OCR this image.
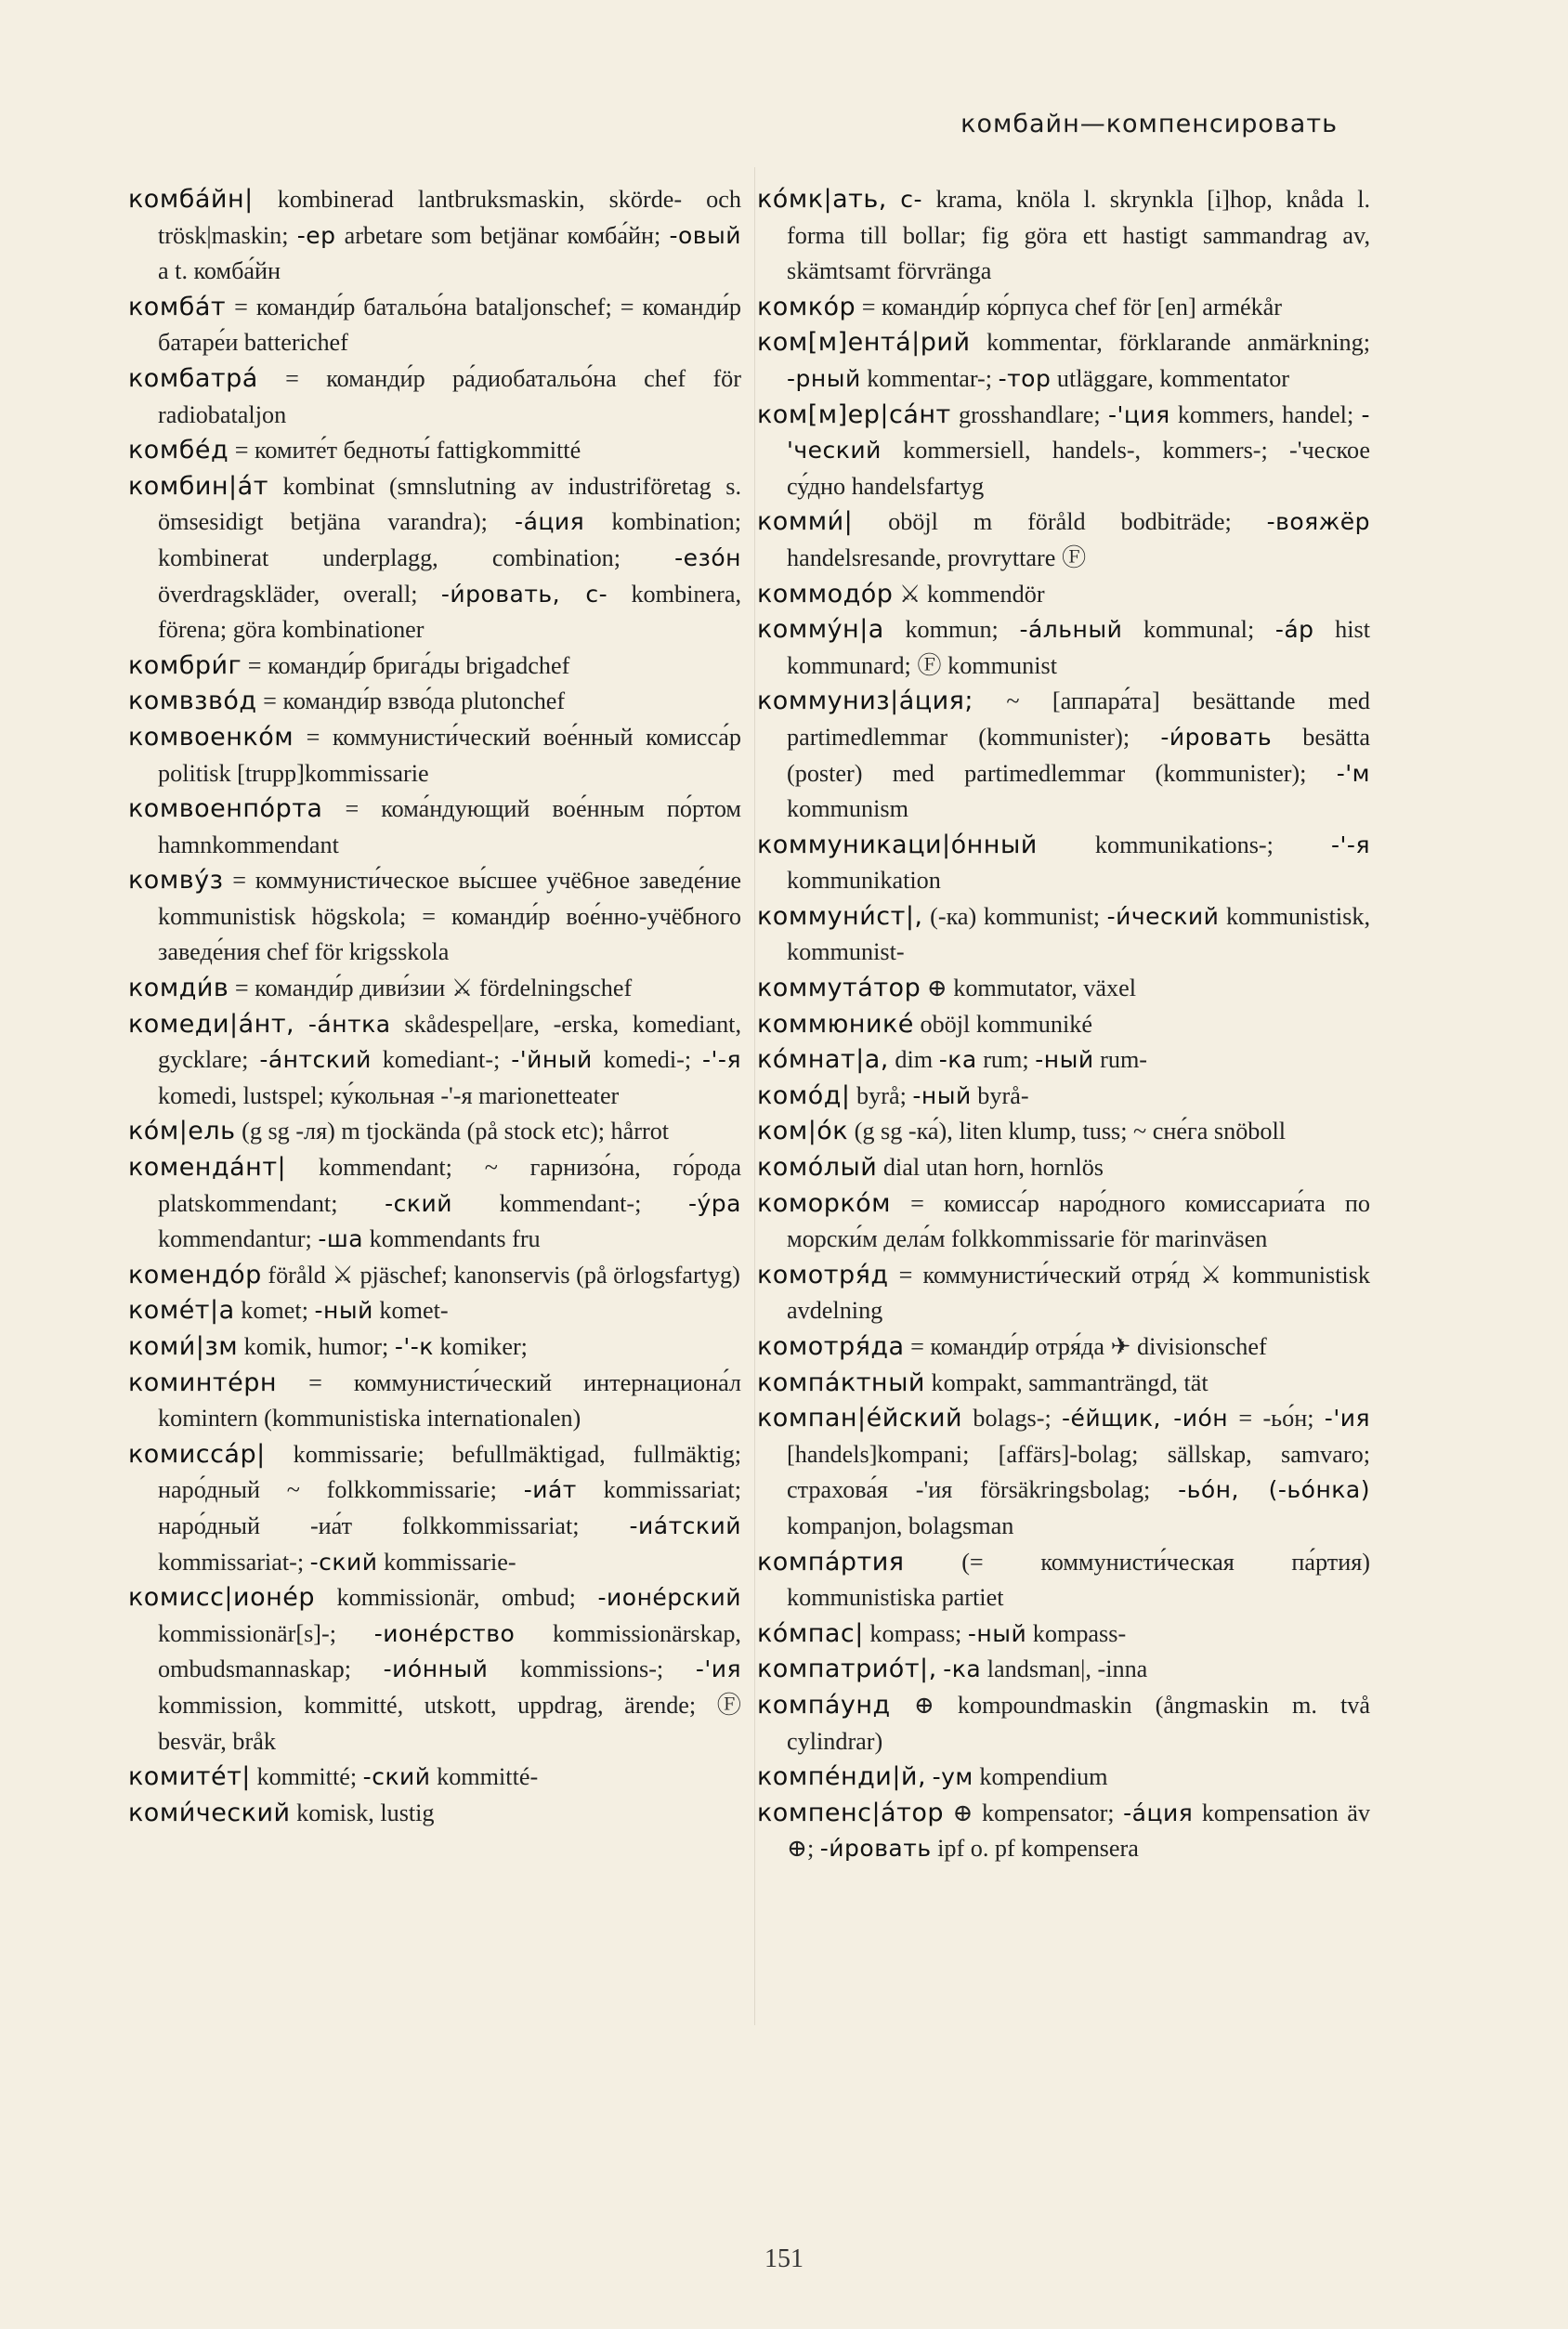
комбайн—компенсировать
комба́йн| kombinerad lantbruksmaskin, skörde- och trösk|maskin; -ер arbetare som betjänar комба́йн; -овый a t. комба́йн
комба́т = команди́р батальо́на bataljonschef; = команди́р батаре́и batterichef
комбатра́ = команди́р ра́диобатальо́на chef för radiobataljon
комбе́д = комите́т бедноты́ fattigkommitté
комбин|а́т kombinat (smnslutning av industriföretag s. ömsesidigt betjäna varandra); -а́ция kombination; kombinerat underplagg, combination; -езо́н överdragskläder, overall; -и́ровать, с- kombinera, förena; göra kombinationer
комбри́г = команди́р брига́ды brigadchef
комвзво́д = команди́р взво́да plutonchef
комвоенко́м = коммунисти́ческий вое́нный комисса́р politisk [trupp]kommissarie
комвоенпо́рта = кома́ндующий вое́нным по́ртом hamnkommendant
комву́з = коммунисти́ческое вы́сшее учё6ное заведе́ние kommunistisk högskola; = команди́р вое́нно-учёбного заведе́ния chef för krigsskola
комди́в = команди́р диви́зии ⚔ fördelningschef
комеди|а́нт, -а́нтка skådespel|are, -erska, komediant, gycklare; -а́нтский komediant-; -'йный komedi-; -'-я komedi, lustspel; ку́кольная -'-я marionetteater
ко́м|ель (g sg -ля) m tjockända (på stock etc); hårrot
коменда́нт| kommendant; ~ гарнизо́на, го́рода platskommendant; -ский kommendant-; -у́ра kommendantur; -ша kommendants fru
комендо́р föråld ⚔ pjäschef; kanonservis (på örlogsfartyg)
коме́т|а komet; -ный komet-
коми́|зм komik, humor; -'-к komiker;
коминте́рн = коммунисти́ческий интернациона́л komintern (kommunistiska internationalen)
комисса́р| kommissarie; befullmäktigad, fullmäktig; наро́дный ~ folkkommissarie; -иа́т kommissariat; наро́дный -иа́т folkkommissariat; -иа́тский kommissariat-; -ский kommissarie-
комисс|ионе́р kommissionär, ombud; -ионе́рский kommissionär[s]-; -ионе́рство kommissionärskap, ombudsmannaskap; -ио́нный kommissions-; -'ия kommission, kommitté, utskott, uppdrag, ärende; Ⓕ besvär, bråk
комите́т| kommitté; -ский kommitté-
коми́ческий komisk, lustig
ко́мк|ать, с- krama, knöla l. skrynkla [i]hop, knåda l. forma till bollar; fig göra ett hastigt sammandrag av, skämtsamt förvränga
комко́р = команди́р ко́рпуса chef för [en] armékår
ком[м]ента́|рий kommentar, förklarande anmärkning; -рный kommentar-; -тор utläggare, kommentator
ком[м]ер|са́нт grosshandlare; -'ция kommers, handel; -'ческий kommersiell, handels-, kommers-; -'ческое су́дно handelsfartyg
комми́| oböjl m föråld bodbiträde; -вояжёр handelsresande, provryttare Ⓕ
коммодо́р ⚔ kommendör
комму́н|а kommun; -а́льный kommunal; -а́р hist kommunard; Ⓕ kommunist
коммуниз|а́ция; ~ [аппара́та] besättande med partimedlemmar (kommunister); -и́ровать besätta (poster) med partimedlemmar (kommunister); -'м kommunism
коммуникаци|о́нный kommunikations-; -'-я kommunikation
коммуни́ст|, (-ка) kommunist; -и́ческий kommunistisk, kommunist-
коммута́тор ⊕ kommutator, växel
коммюнике́ oböjl kommuniké
ко́мнат|а, dim -ка rum; -ный rum-
комо́д| byrå; -ный byrå-
ком|о́к (g sg -ка́), liten klump, tuss; ~ сне́га snöboll
комо́лый dial utan horn, hornlös
коморко́м = комисса́р наро́дного комиссариа́та по морски́м дела́м folkkommissarie för marinväsen
комотря́д = коммунисти́ческий отря́д ⚔ kommunistisk avdelning
комотря́да = команди́р отря́да ✈ divisionschef
компа́ктный kompakt, sammanträngd, tät
компан|е́йский bolags-; -е́йщик, -ио́н = -ьо́н; -'ия [handels]kompani; [affärs]-bolag; sällskap, samvaro; страхова́я -'ия försäkringsbolag; -ьо́н, (-ьо́нка) kompanjon, bolagsman
компа́ртия (= коммунисти́ческая па́ртия) kommunistiska partiet
ко́мпас| kompass; -ный kompass-
компатрио́т|, -ка landsman|, -inna
компа́унд ⊕ kompoundmaskin (ångmaskin m. två cylindrar)
компе́нди|й, -ум kompendium
компенс|а́тор ⊕ kompensator; -а́ция kompensation äv ⊕; -и́ровать ipf o. pf kompensera
151
